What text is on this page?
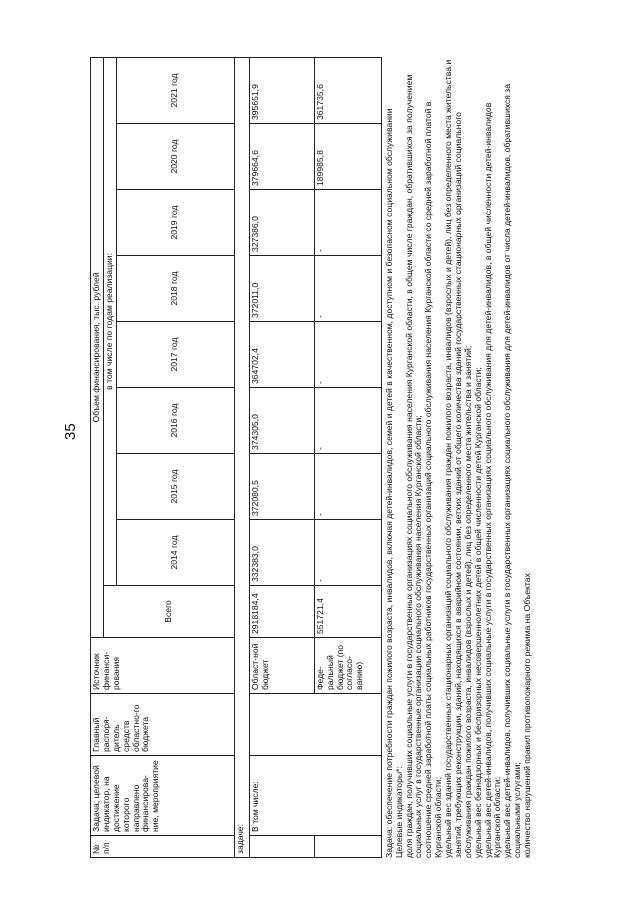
35
№ п/п	Задача, целевой индикатор, на достижение которого направлено финансирова-ние, мероприятие	Главный распоря-дитель средств областно-го бюджета	Источник финанси-рования	Объем финансирования, тыс. рублей								
				Всего	в том числе по годам реализации:							
					2014 год	2015 год	2016 год	2017 год	2018 год	2019 год	2020 год	2021 год
задаче:												
	В том числе:		Област-ной бюджет	2918184,4	332383,0	372080,5	374305,0	364702,4	372011,0	327386,0	379664,6	395651,9
			Феде-ральный бюджет (по согласо-ванию)	551721,4	-	-	-	-	-	-	189985,8	361735,6

Задача: обеспечение потребности граждан пожилого возраста, инвалидов, включая детей-инвалидов, семей и детей в качественном, доступном и безопасном социальном обслуживании Целевые индикаторы*: доля граждан, получивших социальные услуги в государственных организациях социального обслуживания населения Курганской области, в общем числе граждан, обратившихся за получением социальных услуг в государственные организации социального обслуживания населения Курганской области; соотношение средней заработной платы социальных работников государственных организаций социального обслуживания населения Курганской области со средней заработной платой в Курганской области; удельный вес зданий государственных стационарных организаций социального обслуживания граждан пожилого возраста, инвалидов (взрослых и детей), лиц без определенного места жительства и занятий, требующих реконструкции, зданий, находящихся в аварийном состоянии, ветхих зданий от общего количества зданий государственных стационарных организаций социального обслуживания граждан пожилого возраста, инвалидов (взрослых и детей), лиц без определенного места жительства и занятий; удельный вес безнадзорных и беспризорных несовершеннолетних детей в общей численности детей Курганской области; удельный вес детей-инвалидов, получивших социальные услуги в государственных организациях социального обслуживания для детей-инвалидов, в общей численности детей-инвалидов Курганской области; удельный вес детей-инвалидов, получивших социальные услуги в государственных организациях социального обслуживания для детей-инвалидов от числа детей-инвалидов, обратившихся за социальными услугами; количество нарушений правил противопожарного режима на Объектах
